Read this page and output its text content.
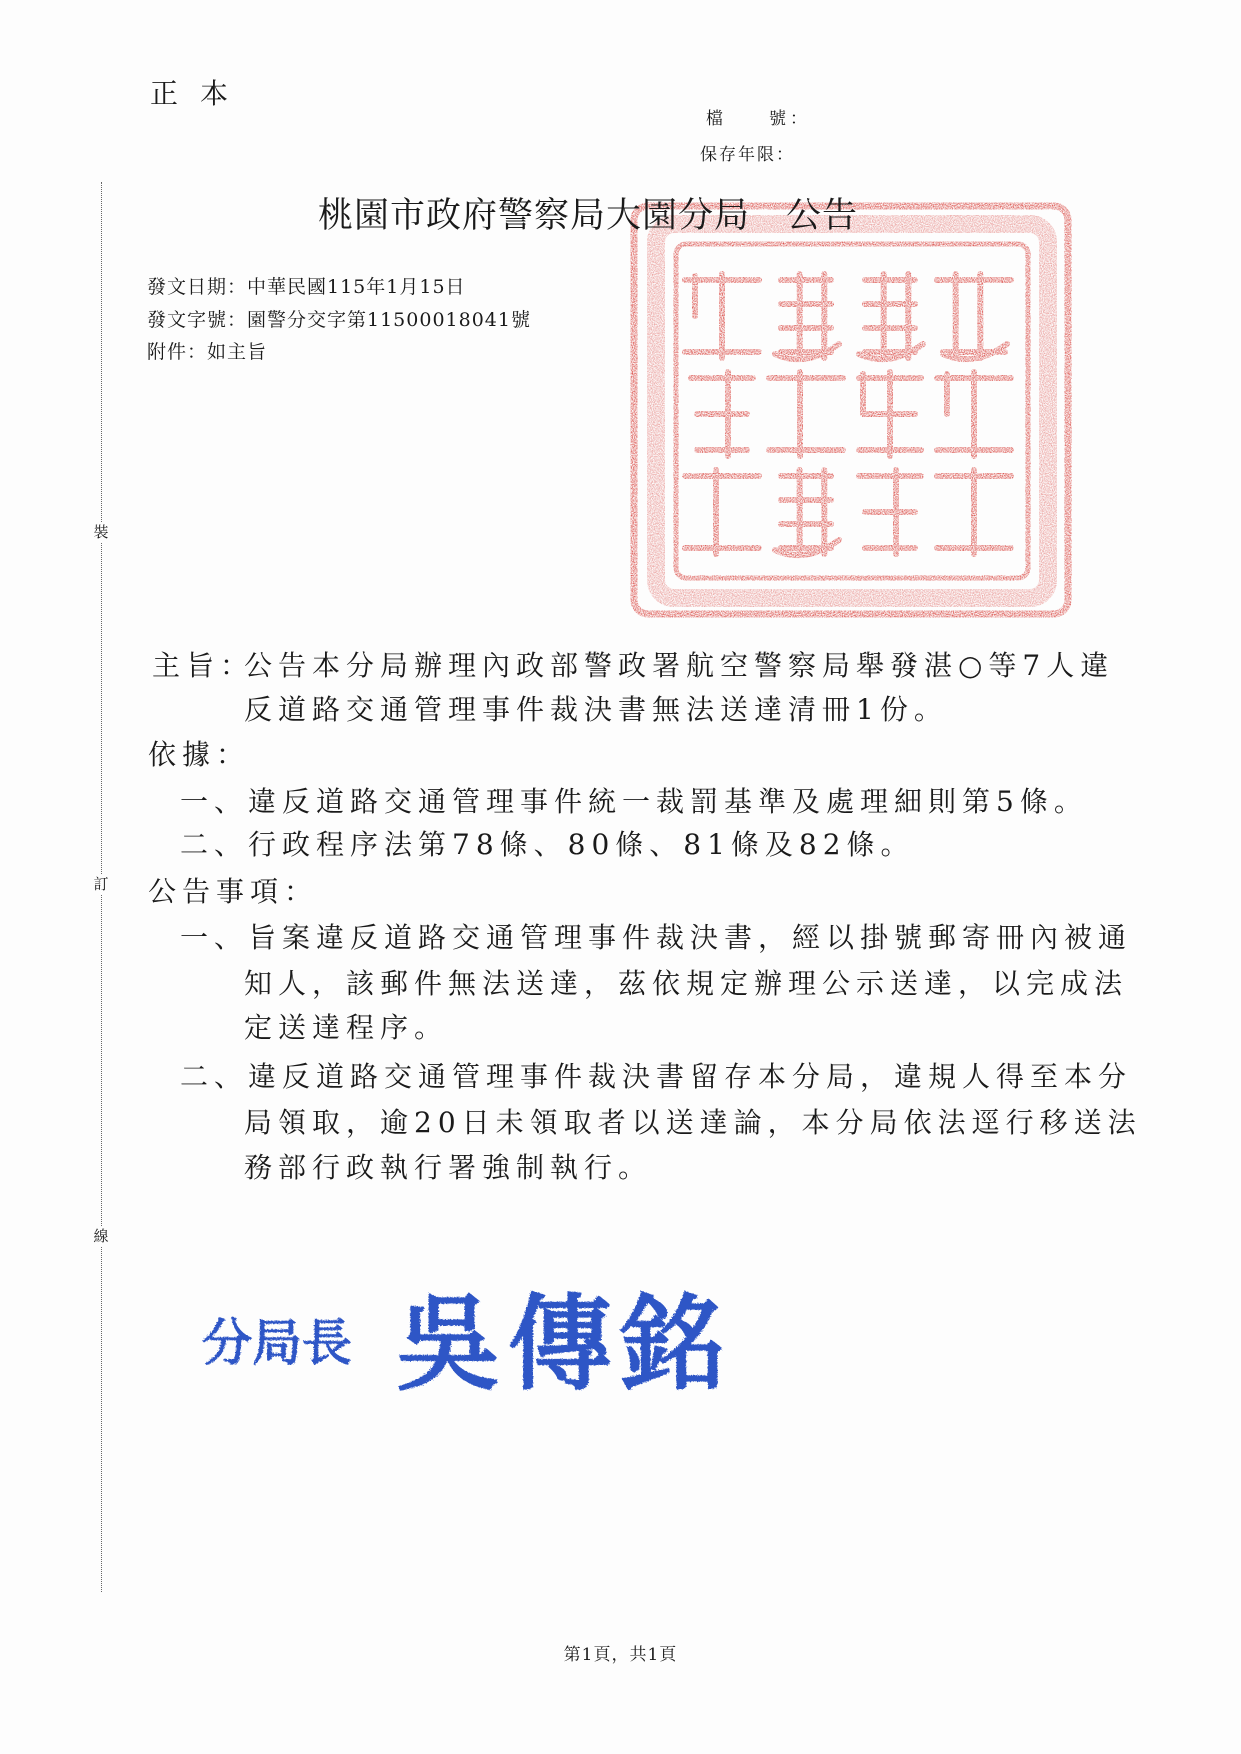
正本
檔　　號：
保存年限：
裝
訂
線
桃園市政府警察局大園分局　公告
發文日期：中華民國115年1月15日
發文字號：園警分交字第11500018041號
附件：如主旨
主旨：
公告本分局辦理內政部警政署航空警察局舉發湛○等7人違
反道路交通管理事件裁決書無法送達清冊1份。
依據：
一、違反道路交通管理事件統一裁罰基準及處理細則第5條。
二、行政程序法第78條、80條、81條及82條。
公告事項：
一、旨案違反道路交通管理事件裁決書，經以掛號郵寄冊內被通
知人，該郵件無法送達，茲依規定辦理公示送達，以完成法
定送達程序。
二、違反道路交通管理事件裁決書留存本分局，違規人得至本分
局領取，逾20日未領取者以送達論，本分局依法逕行移送法
務部行政執行署強制執行。
分局長 吳傳銘
第1頁，共1頁
